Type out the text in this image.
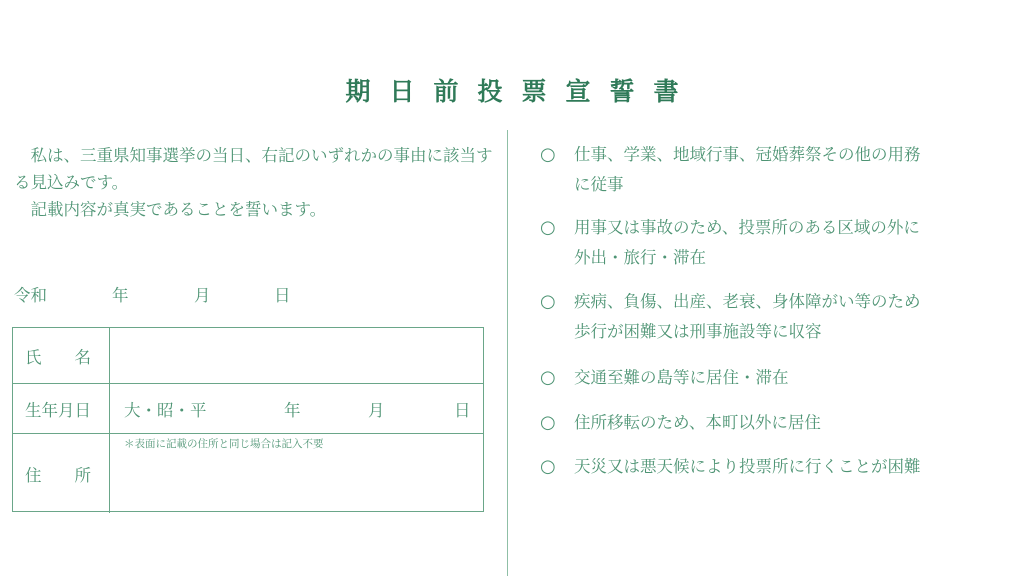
期日前投票宣誓書

私は、三重県知事選挙の当日、右記のいずれかの事由に該当する見込みです。

記載内容が真実であることを誓います。

令和	年	月	日
氏　　名
生年月日 大・昭・平	年	月	日
住　　所
＊表面に記載の住所と同じ場合は記入不要
○ 仕事、学業、地域行事、冠婚葬祭その他の用務
に従事
○ 用事又は事故のため、投票所のある区域の外に
外出・旅行・滞在
○ 疾病、負傷、出産、老衰、身体障がい等のため
歩行が困難又は刑事施設等に収容
○ 交通至難の島等に居住・滞在
○ 住所移転のため、本町以外に居住
○ 天災又は悪天候により投票所に行くことが困難
